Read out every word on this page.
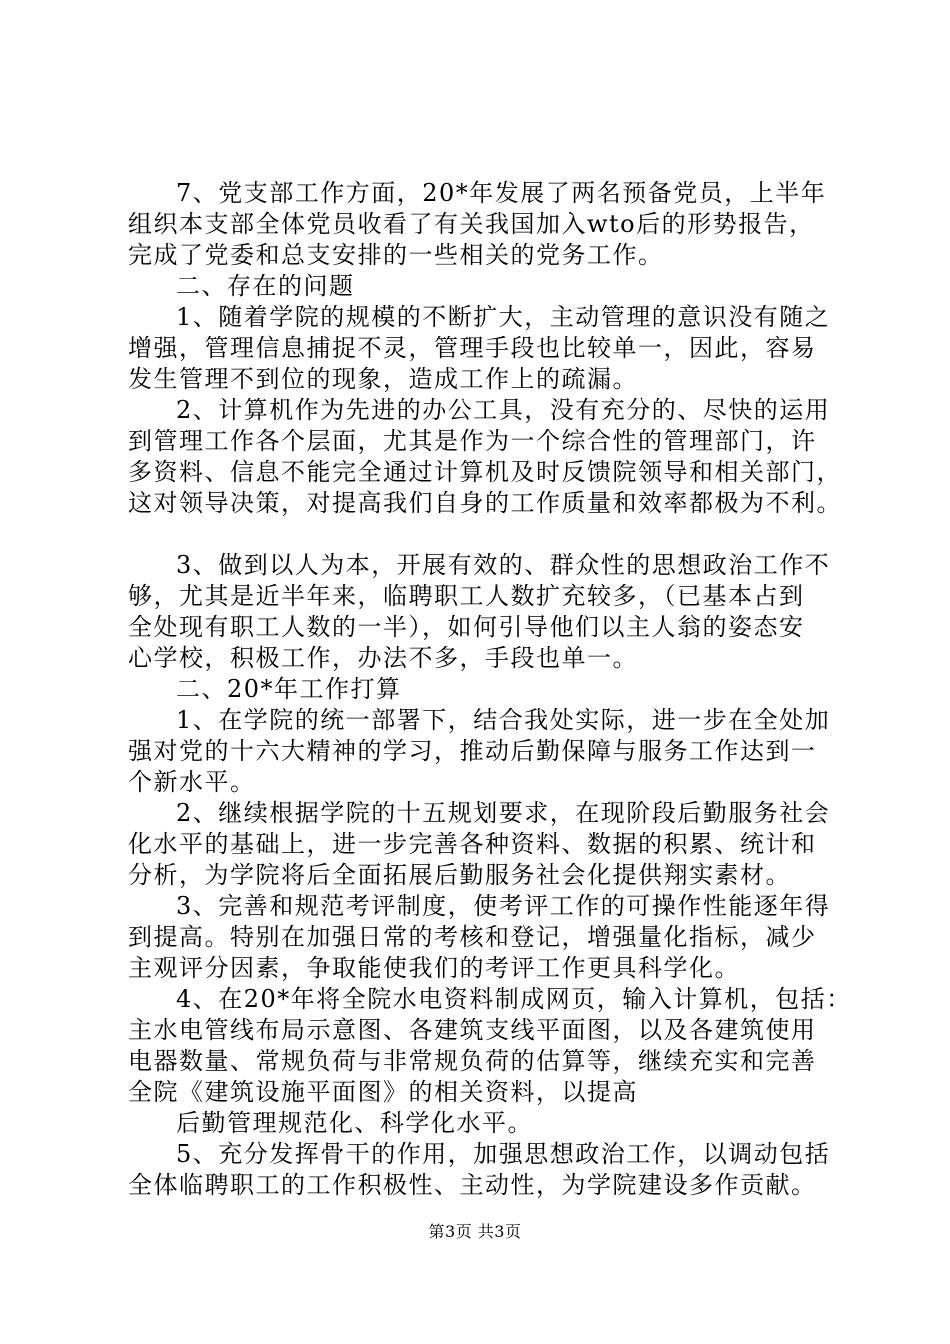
7、党支部工作方面，20*年发展了两名预备党员，上半年
组织本支部全体党员收看了有关我国加入wto后的形势报告，
完成了党委和总支安排的一些相关的党务工作。
二、存在的问题
1、随着学院的规模的不断扩大，主动管理的意识没有随之
增强，管理信息捕捉不灵，管理手段也比较单一，因此，容易
发生管理不到位的现象，造成工作上的疏漏。
2、计算机作为先进的办公工具，没有充分的、尽快的运用
到管理工作各个层面，尤其是作为一个综合性的管理部门，许
多资料、信息不能完全通过计算机及时反馈院领导和相关部门，
这对领导决策，对提高我们自身的工作质量和效率都极为不利。
3、做到以人为本，开展有效的、群众性的思想政治工作不
够，尤其是近半年来，临聘职工人数扩充较多，（已基本占到
全处现有职工人数的一半），如何引导他们以主人翁的姿态安
心学校，积极工作，办法不多，手段也单一。
二、20*年工作打算
1、在学院的统一部署下，结合我处实际，进一步在全处加
强对党的十六大精神的学习，推动后勤保障与服务工作达到一
个新水平。
2、继续根据学院的十五规划要求，在现阶段后勤服务社会
化水平的基础上，进一步完善各种资料、数据的积累、统计和
分析，为学院将后全面拓展后勤服务社会化提供翔实素材。
3、完善和规范考评制度，使考评工作的可操作性能逐年得
到提高。特别在加强日常的考核和登记，增强量化指标，减少
主观评分因素，争取能使我们的考评工作更具科学化。
4、在20*年将全院水电资料制成网页，输入计算机，包括：
主水电管线布局示意图、各建筑支线平面图，以及各建筑使用
电器数量、常规负荷与非常规负荷的估算等，继续充实和完善
全院《建筑设施平面图》的相关资料，以提高
后勤管理规范化、科学化水平。
5、充分发挥骨干的作用，加强思想政治工作，以调动包括
全体临聘职工的工作积极性、主动性，为学院建设多作贡献。
第3页 共3页
